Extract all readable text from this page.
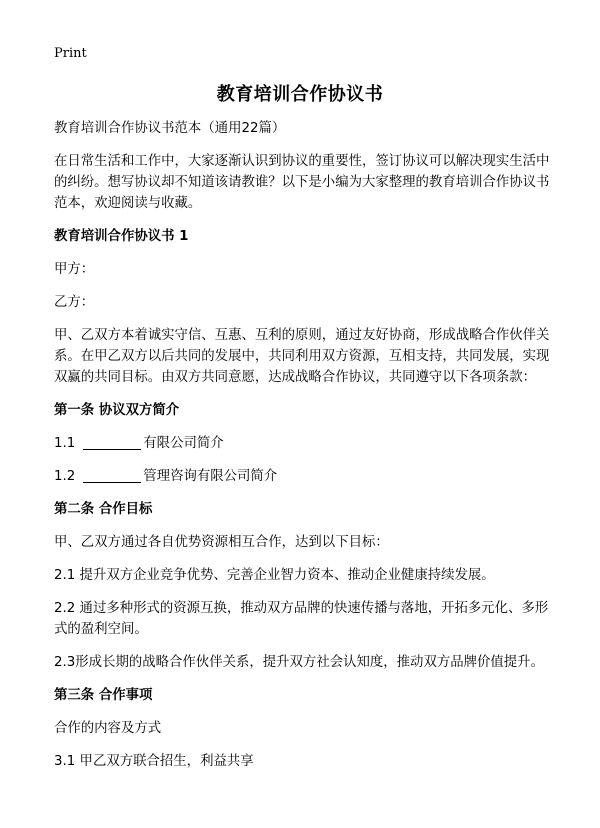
Print
教育培训合作协议书

教育培训合作协议书范本（通用22篇）

在日常生活和工作中，大家逐渐认识到协议的重要性，签订协议可以解决现实生活中的纠纷。想写协议却不知道该请教谁？以下是小编为大家整理的教育培训合作协议书范本，欢迎阅读与收藏。

教育培训合作协议书 1

甲方：

乙方：

甲、乙双方本着诚实守信、互惠、互利的原则，通过友好协商，形成战略合作伙伴关系。在甲乙双方以后共同的发展中，共同利用双方资源，互相支持，共同发展，实现双赢的共同目标。由双方共同意愿，达成战略合作协议，共同遵守以下各项条款：

第一条 协议双方简介

1.1	有限公司简介

1.2	管理咨询有限公司简介

第二条 合作目标

甲、乙双方通过各自优势资源相互合作，达到以下目标：

2.1 提升双方企业竞争优势、完善企业智力资本、推动企业健康持续发展。

2.2 通过多种形式的资源互换，推动双方品牌的快速传播与落地，开拓多元化、多形式的盈利空间。

2.3形成长期的战略合作伙伴关系，提升双方社会认知度，推动双方品牌价值提升。

第三条 合作事项

合作的内容及方式

3.1 甲乙双方联合招生，利益共享
